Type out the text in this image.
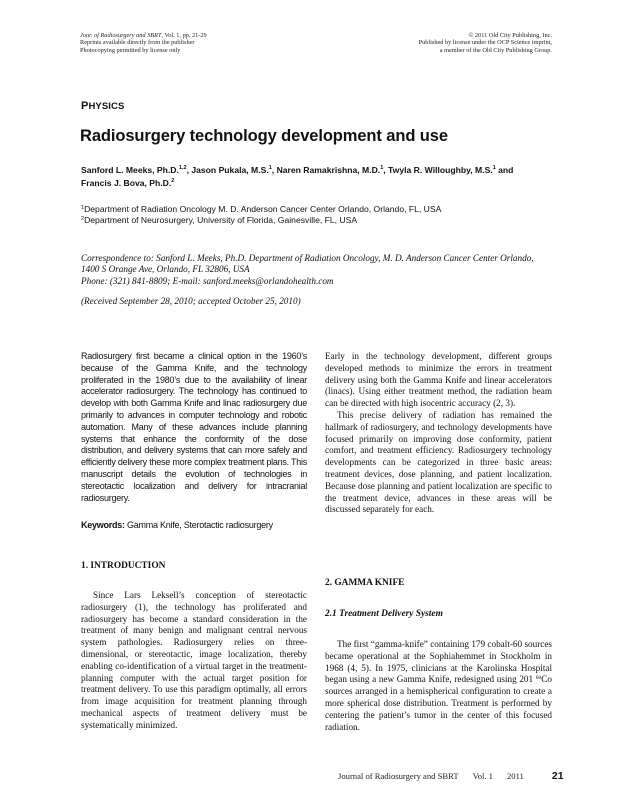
Jour. of Radiosurgery and SBRT, Vol. 1, pp. 21-29
Reprints available directly from the publisher
Photocopying permitted by license only
© 2011 Old City Publishing, Inc.
Published by license under the OCP Science imprint,
a member of the Old City Publishing Group.
PHYSICS
Radiosurgery technology development and use
Sanford L. Meeks, Ph.D.$^{1,2}$, Jason Pukala, M.S.$^1$, Naren Ramakrishna, M.D.$^1$, Twyla R. Willoughby, M.S.$^1$ and
Francis J. Bova, Ph.D.$^2$
$^1$Department of Radiation Oncology M. D. Anderson Cancer Center Orlando, Orlando, FL, USA
$^2$Department of Neurosurgery, University of Florida, Gainesville, FL, USA
Correspondence to: Sanford L. Meeks, Ph.D. Department of Radiation Oncology, M. D. Anderson Cancer Center Orlando,
1400 S Orange Ave, Orlando, FL 32806, USA
Phone: (321) 841-8809; E-mail: sanford.meeks@orlandohealth.com
(Received September 28, 2010; accepted October 25, 2010)
Radiosurgery first became a clinical option in the 1960’s because of the Gamma Knife, and the technology proliferated in the 1980’s due to the availability of linear accelerator radiosurgery. The technology has continued to develop with both Gamma Knife and linac radiosurgery due primarily to advances in computer technology and robotic automation. Many of these advances include planning systems that enhance the conformity of the dose distribution, and delivery systems that can more safely and efficiently delivery these more complex treatment plans. This manuscript details the evolution of technologies in stereotactic localization and delivery for intracranial radiosurgery.
Keywords: Gamma Knife, Sterotactic radiosurgery

Early in the technology development, different groups developed methods to minimize the errors in treatment delivery using both the Gamma Knife and linear accelerators (linacs). Using either treatment method, the radiation beam can be directed with high isocentric accuracy (2, 3).

This precise delivery of radiation has remained the hallmark of radiosurgery, and technology developments have focused primarily on improving dose conformity, patient comfort, and treatment efficiency. Radiosurgery technology developments can be categorized in three basic areas: treatment devices, dose planning, and patient localization. Because dose planning and patient localization are specific to the treatment device, advances in these areas will be discussed separately for each.

1. INTRODUCTION

Since Lars Leksell’s conception of stereotactic radiosurgery (1), the technology has proliferated and radiosurgery has become a standard consideration in the treatment of many benign and malignant central nervous system pathologies. Radiosurgery relies on three-dimensional, or stereotactic, image localization, thereby enabling co-identification of a virtual target in the treatment-planning computer with the actual target position for treatment delivery. To use this paradigm optimally, all errors from image acquisition for treatment planning through mechanical aspects of treatment delivery must be systematically minimized.

2. GAMMA KNIFE
2.1 Treatment Delivery System

The first “gamma-knife” containing 179 cobalt-60 sources became operational at the Sophiahemmet in Stockholm in 1968 (4, 5). In 1975, clinicians at the Karolinska Hospital began using a new Gamma Knife, redesigned using 201 $^{60}$Co sources arranged in a hemispherical configuration to create a more spherical dose distribution. Treatment is performed by centering the patient’s tumor in the center of this focused radiation.

Journal of Radiosurgery and SBRT Vol. 1 2011	21
